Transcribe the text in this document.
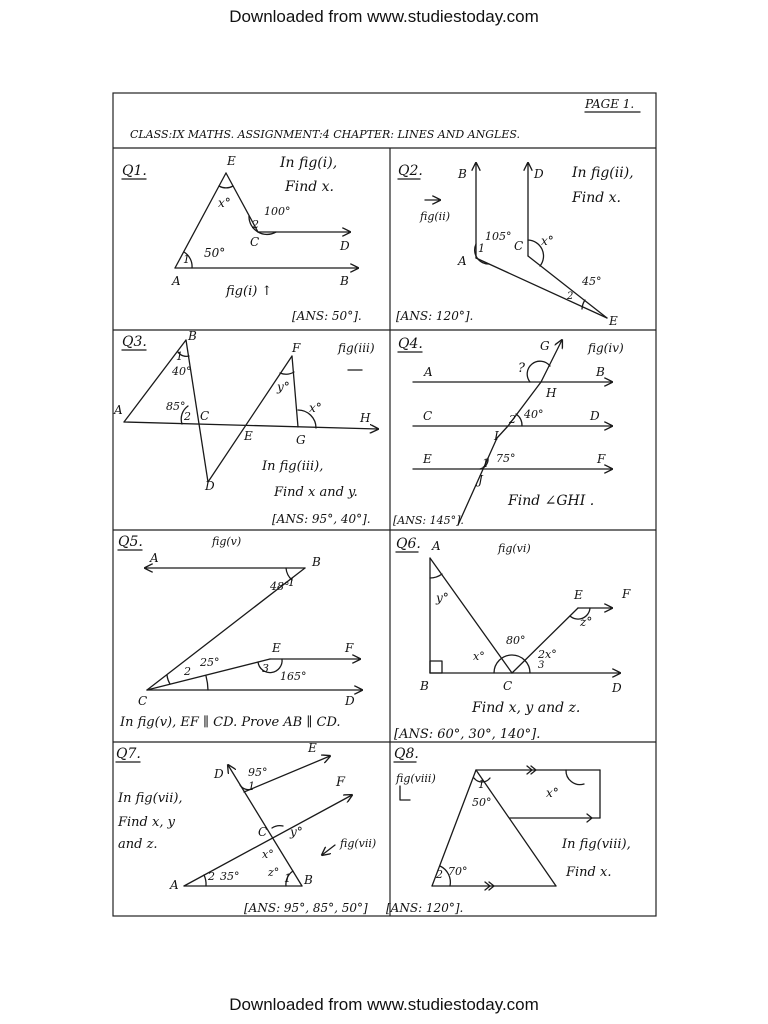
Downloaded from www.studiestoday.com
PAGE 1.
CLASS:IX MATHS. ASSIGNMENT:4 CHAPTER: LINES AND ANGLES.
Q1.	In fig(i),
Find x.
E
x°
100°
2
C	D
1 50°
A	B
fig(i) ↑
[ANS: 50°].
Q2.	In fig(ii),
Find x.
B	D
fig(ii)
105° x°
C
1
A
45°
2
E
[ANS: 120°].
Q3.	fig(iii)
B
1
40°
85°
2 C
A
F
y°
x°
E	G
H
D
In fig(iii),
Find x and y.
[ANS: 95°, 40°].
Q4.	fig(iv)
G
?
A	B
H
C	D
2 40°
I
E	F
1 75°
J
Find ∠GHI .
[ANS: 145°].
Q5.	fig(v)
A	B
48°
1
E	F
2
25°	3
165°
C	D
In fig(v), EF ∥ CD. Prove AB ∥ CD.
Q6.	fig(vi)
A
y°	E	F
z°
80°
x°	2x°
3
B	C	D
Find x, y and z.
[ANS: 60°, 30°, 140°].
Q7.
In fig(vii),
Find x, y
and z.
D 95°
E
F
1
C y°
x°
fig(vii)
2 35°	z° 1
A	B
[ANS: 95°, 85°, 50°]
Q8.
fig(viii)	1
50°
x°
2 70°
In fig(viii),
Find x.
[ANS: 120°].
Downloaded from www.studiestoday.com
